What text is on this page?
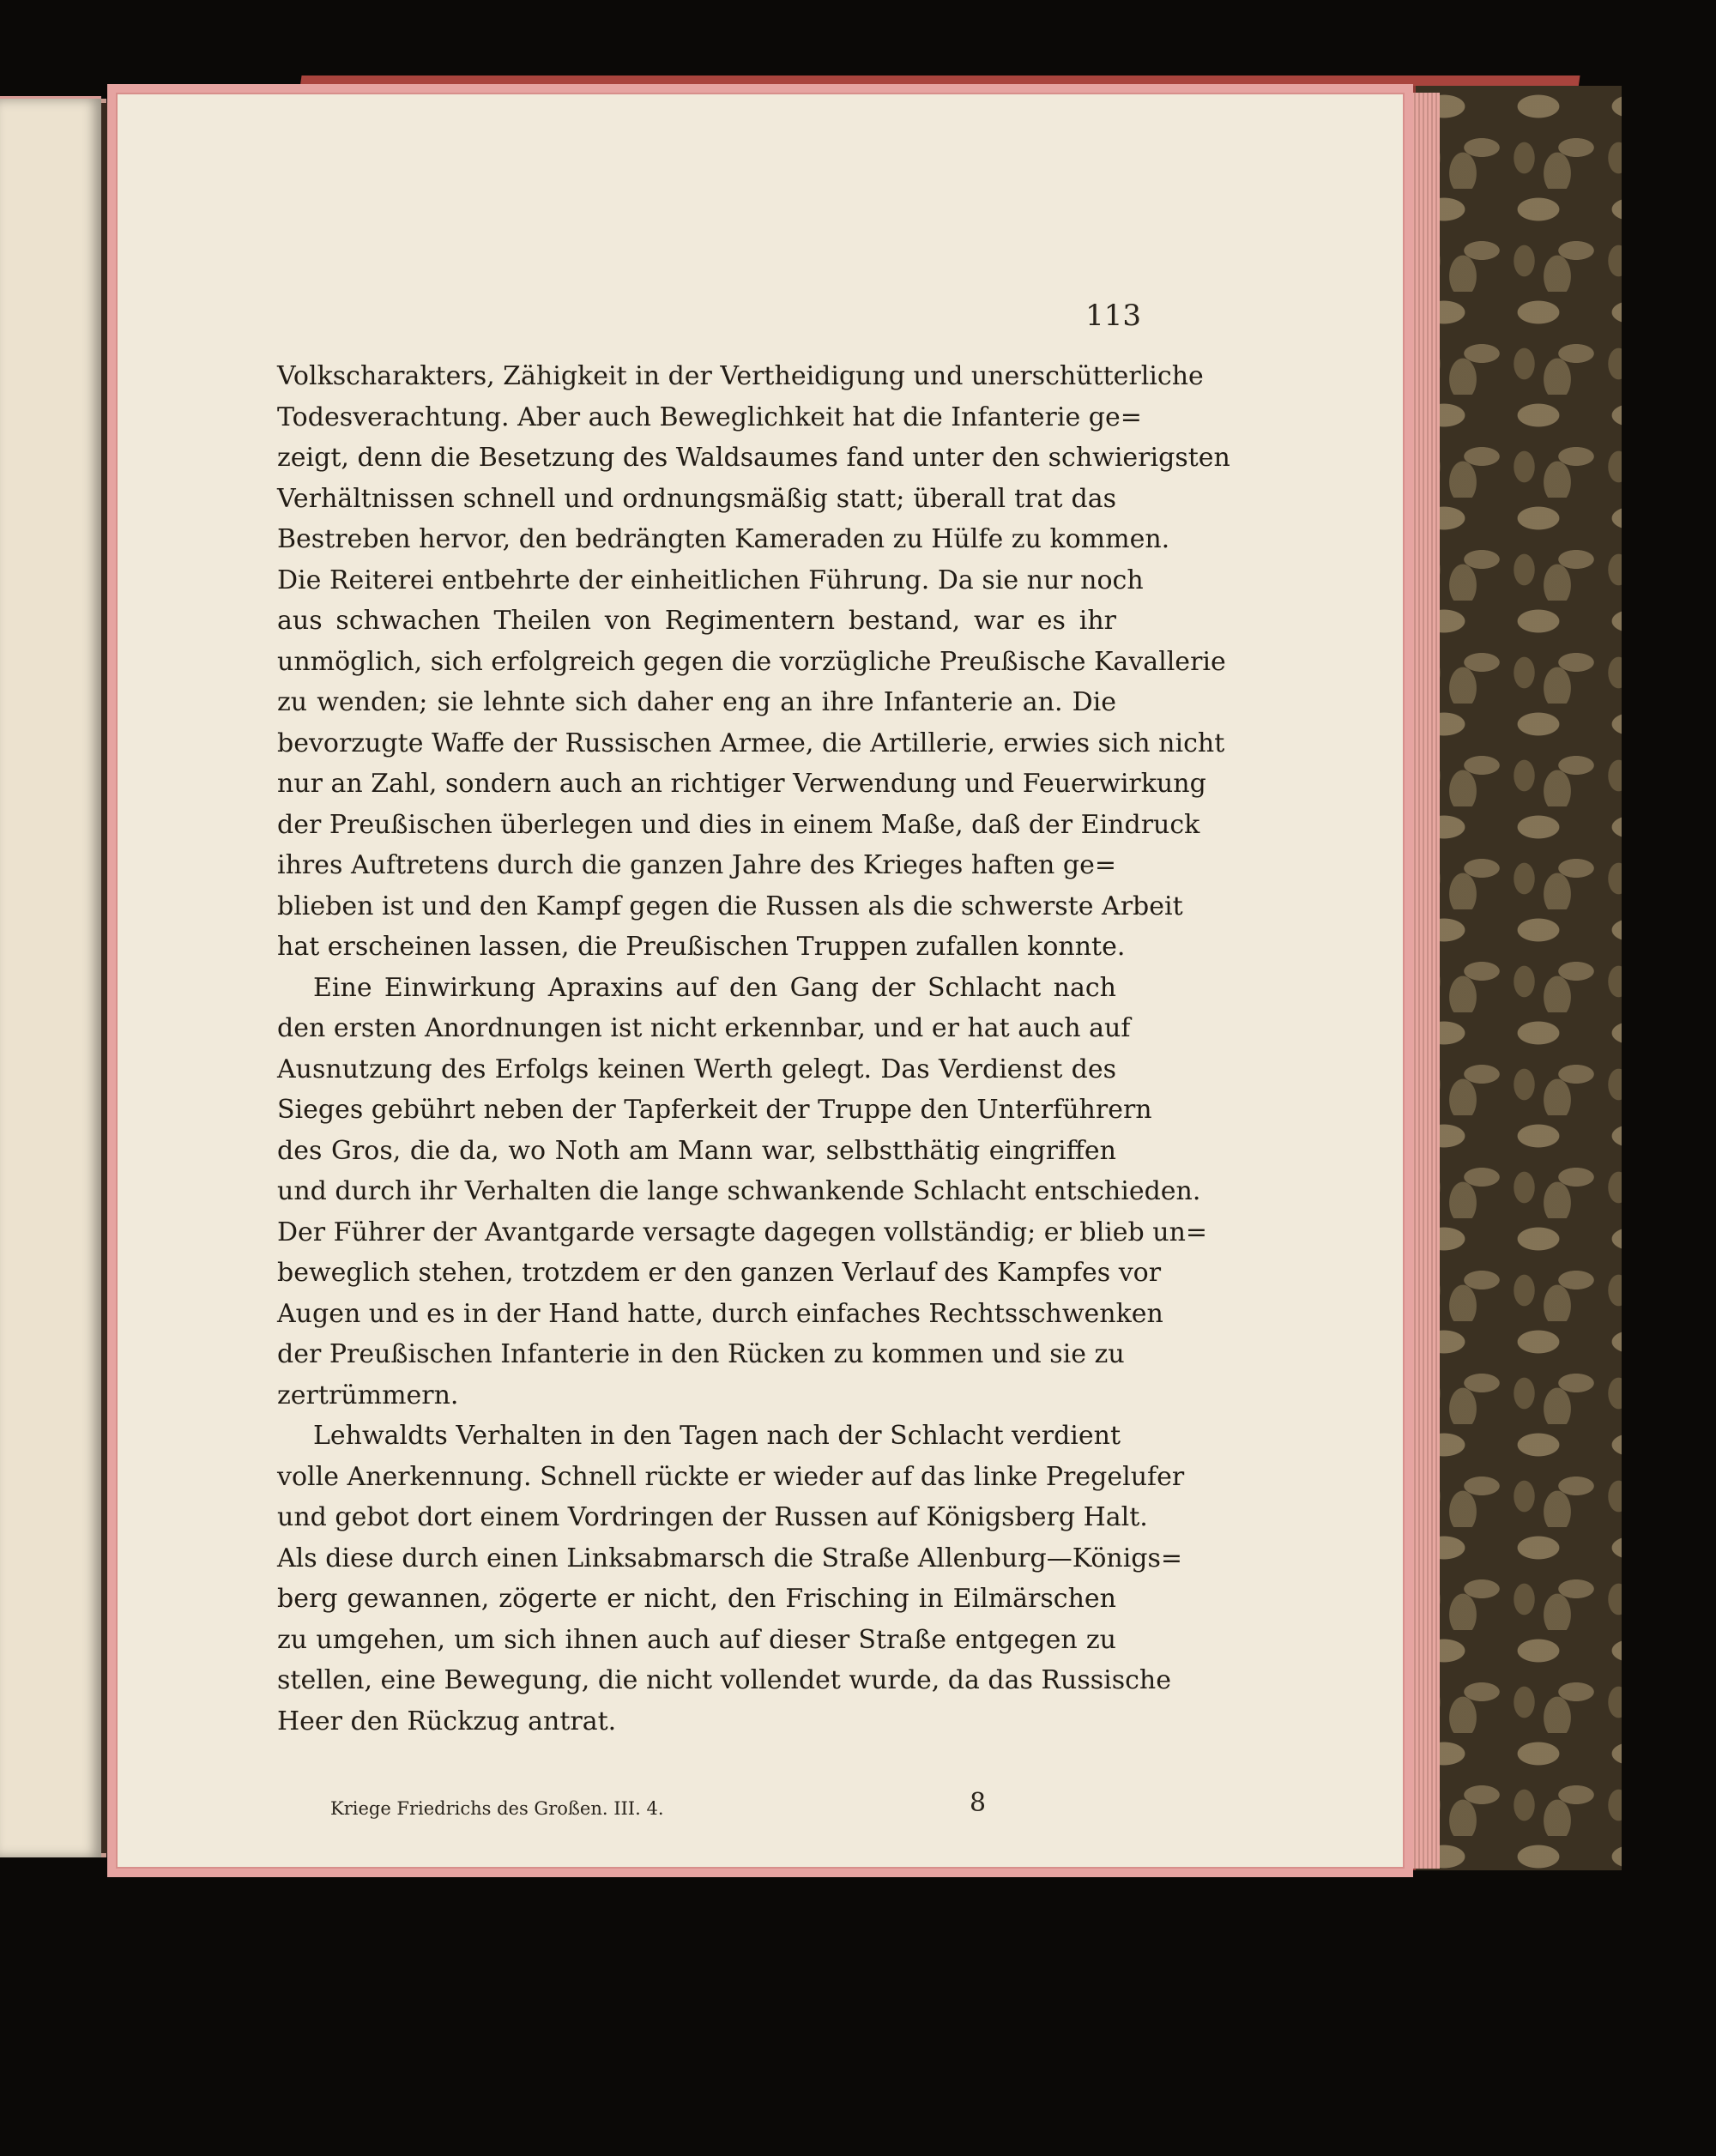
113
Volkscharakters, Zähigkeit in der Vertheidigung und unerschütterliche
Todesverachtung. Aber auch Beweglichkeit hat die Infanterie ge=
zeigt, denn die Besetzung des Waldsaumes fand unter den schwierigsten
Verhältnissen schnell und ordnungsmäßig statt; überall trat das
Bestreben hervor, den bedrängten Kameraden zu Hülfe zu kommen.
Die Reiterei entbehrte der einheitlichen Führung. Da sie nur noch
aus schwachen Theilen von Regimentern bestand, war es ihr
unmöglich, sich erfolgreich gegen die vorzügliche Preußische Kavallerie
zu wenden; sie lehnte sich daher eng an ihre Infanterie an. Die
bevorzugte Waffe der Russischen Armee, die Artillerie, erwies sich nicht
nur an Zahl, sondern auch an richtiger Verwendung und Feuerwirkung
der Preußischen überlegen und dies in einem Maße, daß der Eindruck
ihres Auftretens durch die ganzen Jahre des Krieges haften ge=
blieben ist und den Kampf gegen die Russen als die schwerste Arbeit
hat erscheinen lassen, die Preußischen Truppen zufallen konnte.
Eine Einwirkung Apraxins auf den Gang der Schlacht nach
den ersten Anordnungen ist nicht erkennbar, und er hat auch auf
Ausnutzung des Erfolgs keinen Werth gelegt. Das Verdienst des
Sieges gebührt neben der Tapferkeit der Truppe den Unterführern
des Gros, die da, wo Noth am Mann war, selbstthätig eingriffen
und durch ihr Verhalten die lange schwankende Schlacht entschieden.
Der Führer der Avantgarde versagte dagegen vollständig; er blieb un=
beweglich stehen, trotzdem er den ganzen Verlauf des Kampfes vor
Augen und es in der Hand hatte, durch einfaches Rechtsschwenken
der Preußischen Infanterie in den Rücken zu kommen und sie zu
zertrümmern.
Lehwaldts Verhalten in den Tagen nach der Schlacht verdient
volle Anerkennung. Schnell rückte er wieder auf das linke Pregelufer
und gebot dort einem Vordringen der Russen auf Königsberg Halt.
Als diese durch einen Linksabmarsch die Straße Allenburg—Königs=
berg gewannen, zögerte er nicht, den Frisching in Eilmärschen
zu umgehen, um sich ihnen auch auf dieser Straße entgegen zu
stellen, eine Bewegung, die nicht vollendet wurde, da das Russische
Heer den Rückzug antrat.
Kriege Friedrichs des Großen. III. 4.	8
